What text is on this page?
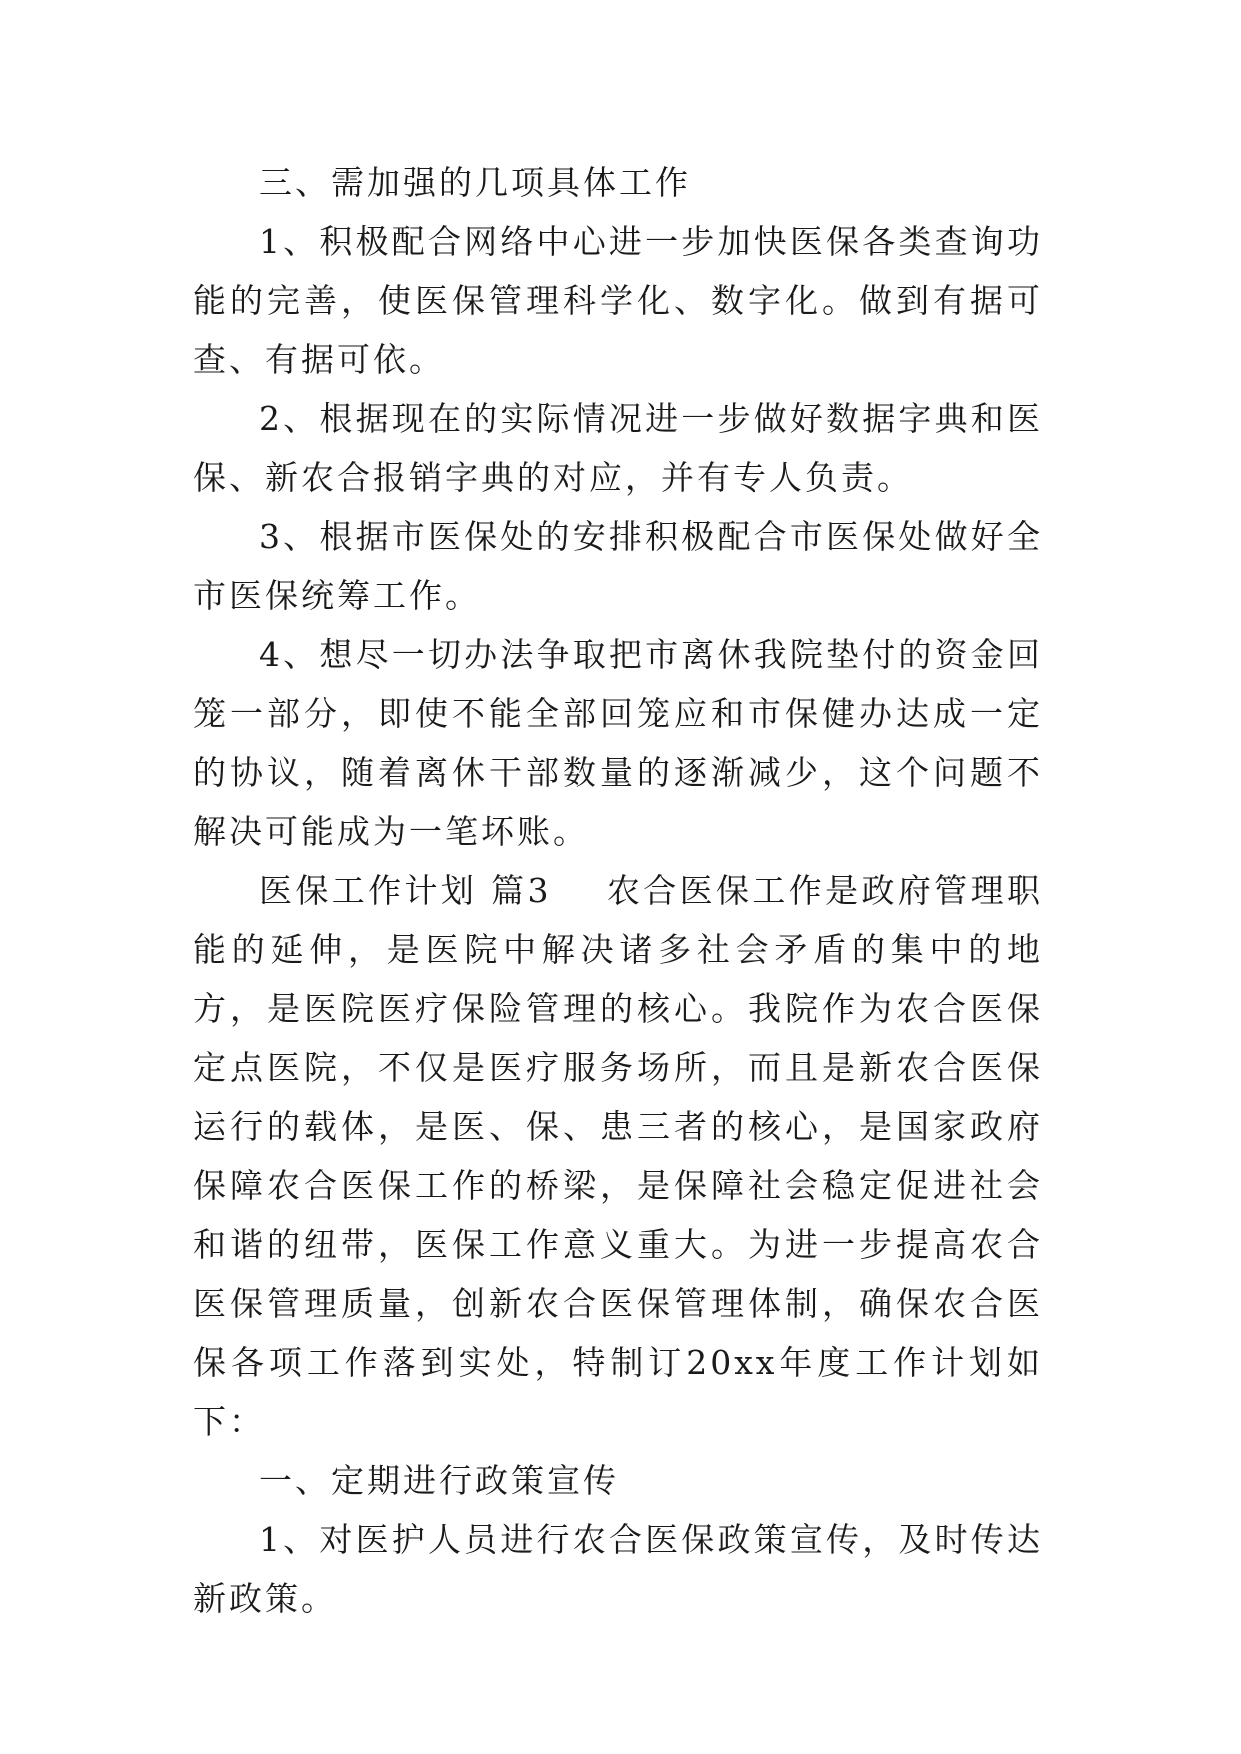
三、需加强的几项具体工作

1、积极配合网络中心进一步加快医保各类查询功能的完善，使医保管理科学化、数字化。做到有据可查、有据可依。

2、根据现在的实际情况进一步做好数据字典和医保、新农合报销字典的对应，并有专人负责。

3、根据市医保处的安排积极配合市医保处做好全市医保统筹工作。

4、想尽一切办法争取把市离休我院垫付的资金回笼一部分，即使不能全部回笼应和市保健办达成一定的协议，随着离休干部数量的逐渐减少，这个问题不解决可能成为一笔坏账。

医保工作计划 篇3    农合医保工作是政府管理职能的延伸，是医院中解决诸多社会矛盾的集中的地方，是医院医疗保险管理的核心。我院作为农合医保定点医院，不仅是医疗服务场所，而且是新农合医保运行的载体，是医、保、患三者的核心，是国家政府保障农合医保工作的桥梁，是保障社会稳定促进社会和谐的纽带，医保工作意义重大。为进一步提高农合医保管理质量，创新农合医保管理体制，确保农合医保各项工作落到实处，特制订20xx年度工作计划如下：

一、定期进行政策宣传

1、对医护人员进行农合医保政策宣传，及时传达新政策。
